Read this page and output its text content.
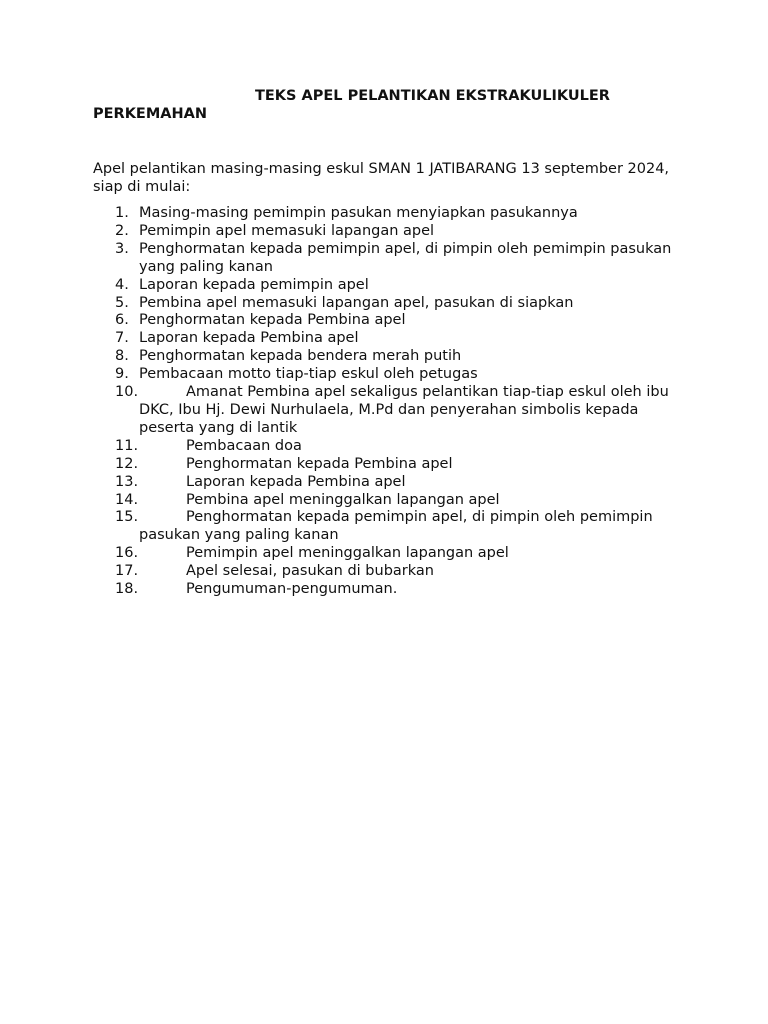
TEKS APEL PELANTIKAN EKSTRAKULIKULER PERKEMAHAN

Apel pelantikan masing-masing eskul SMAN 1 JATIBARANG 13 september 2024, siap di mulai:

1. Masing-masing pemimpin pasukan menyiapkan pasukannya
2. Pemimpin apel memasuki lapangan apel
3. Penghormatan kepada pemimpin apel, di pimpin oleh pemimpin pasukan yang paling kanan
4. Laporan kepada pemimpin apel
5. Pembina apel memasuki lapangan apel, pasukan di siapkan
6. Penghormatan kepada Pembina apel
7. Laporan kepada Pembina apel
8. Penghormatan kepada bendera merah putih
9. Pembacaan motto tiap-tiap eskul oleh petugas
10.	Amanat Pembina apel sekaligus pelantikan tiap-tiap eskul oleh ibu DKC, Ibu Hj. Dewi Nurhulaela, M.Pd dan penyerahan simbolis kepada peserta yang di lantik
11.	Pembacaan doa
12.	Penghormatan kepada Pembina apel
13.	Laporan kepada Pembina apel
14.	Pembina apel meninggalkan lapangan apel
15.	Penghormatan kepada pemimpin apel, di pimpin oleh pemimpin pasukan yang paling kanan
16.	Pemimpin apel meninggalkan lapangan apel
17.	Apel selesai, pasukan di bubarkan
18.	Pengumuman-pengumuman.
